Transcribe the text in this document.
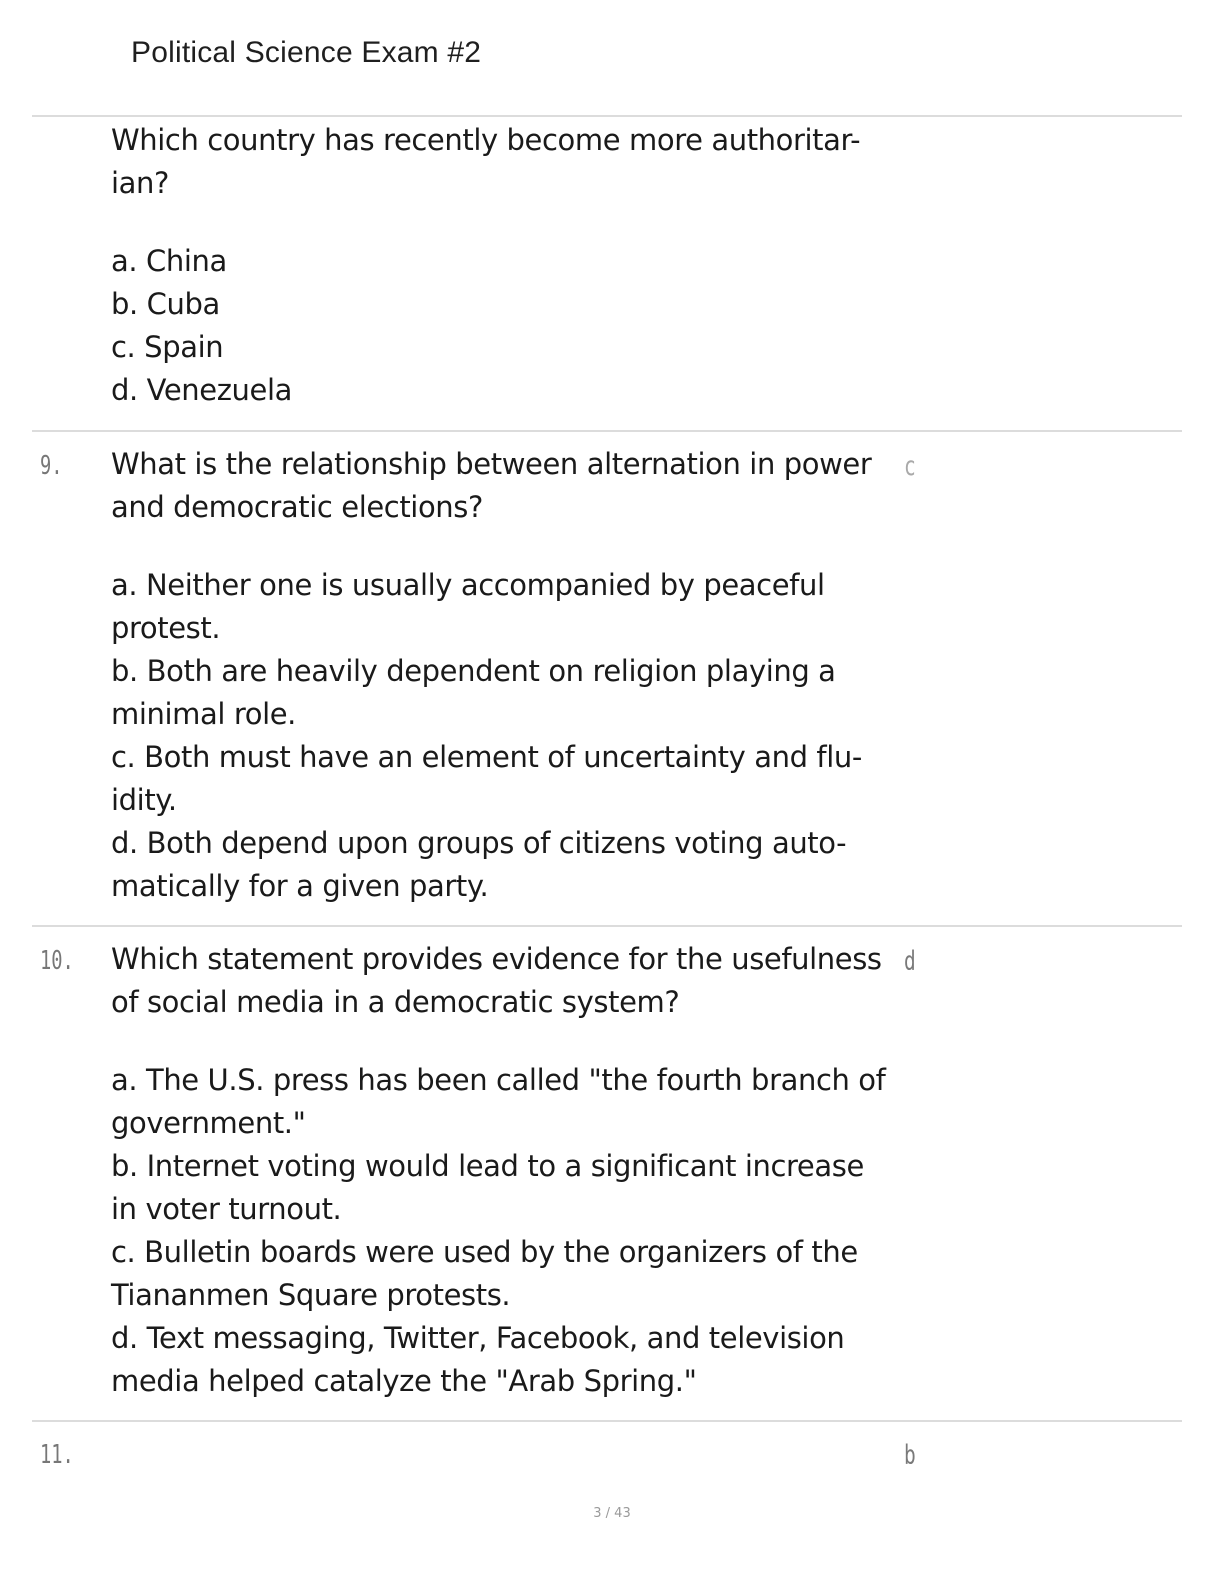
Political Science Exam #2
Which country has recently become more authoritar-
ian?
a. China
b. Cuba
c. Spain
d. Venezuela
9.	c
What is the relationship between alternation in power
and democratic elections?
a. Neither one is usually accompanied by peaceful
protest.
b. Both are heavily dependent on religion playing a
minimal role.
c. Both must have an element of uncertainty and flu-
idity.
d. Both depend upon groups of citizens voting auto-
matically for a given party.
10.	d
Which statement provides evidence for the usefulness
of social media in a democratic system?
a. The U.S. press has been called "the fourth branch of
government."
b. Internet voting would lead to a significant increase
in voter turnout.
c. Bulletin boards were used by the organizers of the
Tiananmen Square protests.
d. Text messaging, Twitter, Facebook, and television
media helped catalyze the "Arab Spring."
11.	b
3 / 43
